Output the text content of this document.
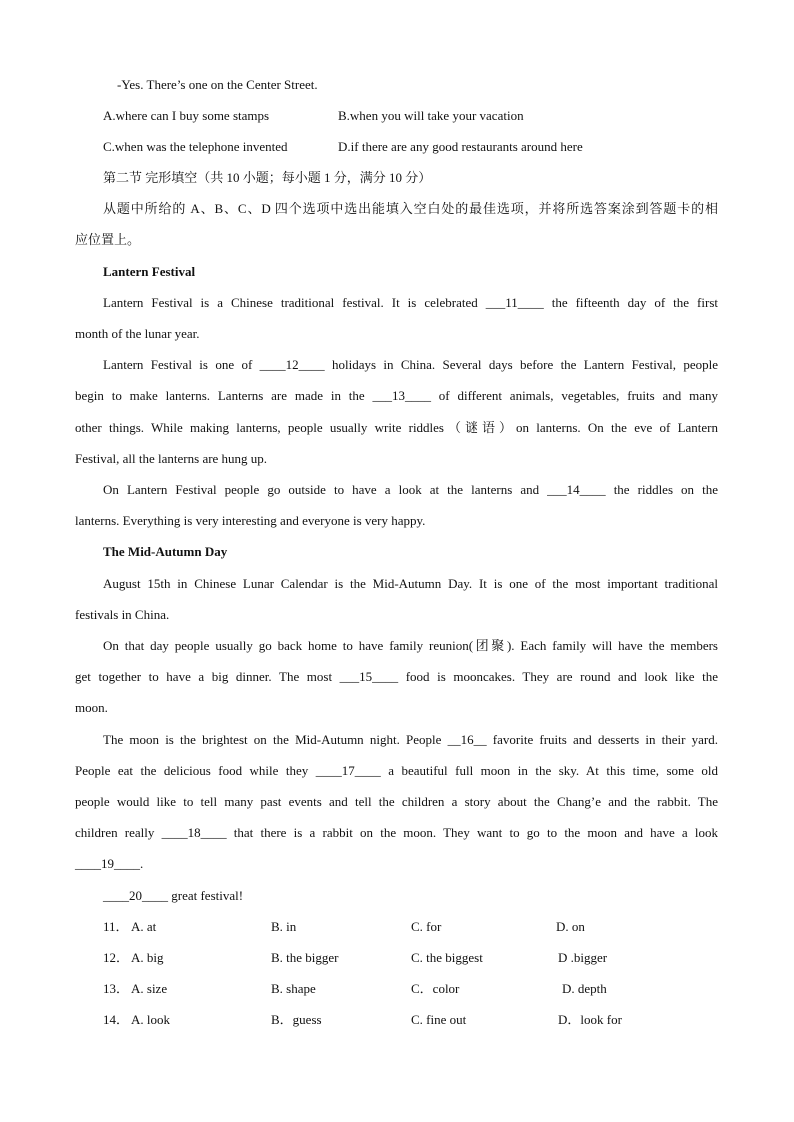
-Yes. There’s one on the Center Street.
A.where can I buy some stamps	B.when you will take your vacation
C.when was the telephone invented	D.if there are any good restaurants around here
第二节 完形填空（共 10 小题；每小题 1 分，满分 10 分）
从题中所给的 A、B、C、D 四个选项中选出能填入空白处的最佳选项，并将所选答案涂到答题卡的相
应位置上。
Lantern Festival
Lantern Festival is a Chinese traditional festival. It is celebrated ___11____ the fifteenth day of the first
month of the lunar year.
Lantern Festival is one of ____12____ holidays in China. Several days before the Lantern Festival, people
begin to make lanterns. Lanterns are made in the ___13____ of different animals, vegetables, fruits and many
other things. While making lanterns, people usually write riddles（谜语）on lanterns. On the eve of Lantern
Festival, all the lanterns are hung up.
On Lantern Festival people go outside to have a look at the lanterns and ___14____ the riddles on the
lanterns. Everything is very interesting and everyone is very happy.
The Mid-Autumn Day
August 15th in Chinese Lunar Calendar is the Mid-Autumn Day. It is one of the most important traditional
festivals in China.
On that day people usually go back home to have family reunion(团聚). Each family will have the members
get together to have a big dinner. The most ___15____ food is mooncakes. They are round and look like the
moon.
The moon is the brightest on the Mid-Autumn night. People __16__ favorite fruits and desserts in their yard.
People eat the delicious food while they ____17____ a beautiful full moon in the sky. At this time, some old
people would like to tell many past events and tell the children a story about the Chang’e and the rabbit. The
children really ____18____ that there is a rabbit on the moon. They want to go to the moon and have a look
____19____.
____20____ great festival!
11． A. at	B. in	C. for	D. on
12． A. big	B. the bigger	C. the biggest	D .bigger
13． A. size	B. shape	C．color	D. depth
14． A. look	B．guess	C. fine out	D．look for
